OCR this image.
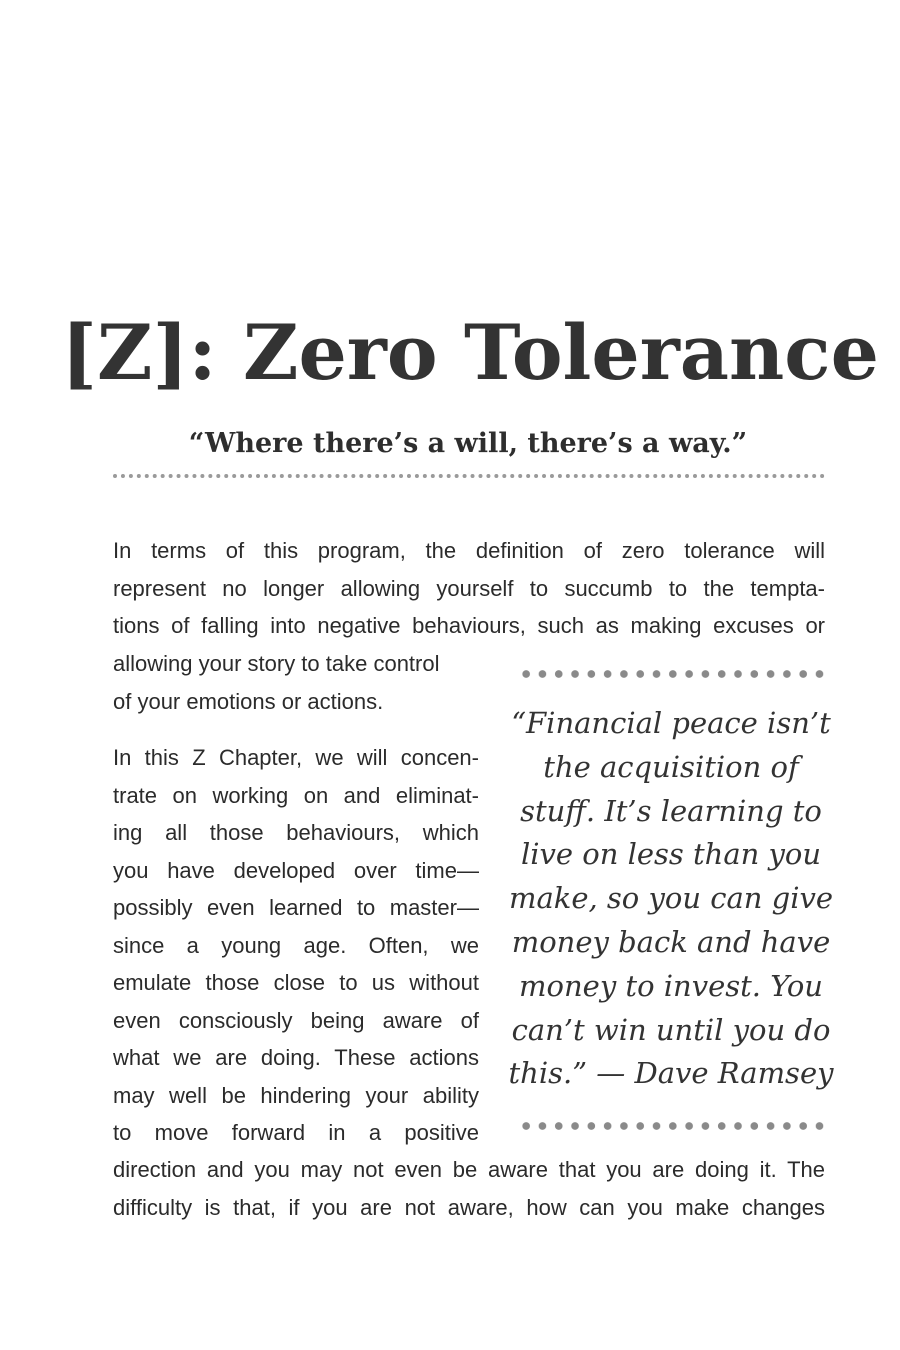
[Z]: Zero Tolerance

“Where there’s a will, there’s a way.”

In terms of this program, the definition of zero tolerance will
represent no longer allowing yourself to succumb to the tempta-
tions of falling into negative behaviours, such as making excuses or
allowing your story to take control
of your emotions or actions.
In this Z Chapter, we will concen-
trate on working on and eliminat-
ing all those behaviours, which
you have developed over time—
possibly even learned to master—
since a young age. Often, we
emulate those close to us without
even consciously being aware of
what we are doing. These actions
may well be hindering your ability
to move forward in a positive
direction and you may not even be aware that you are doing it. The
difficulty is that, if you are not aware, how can you make changes
“Financial peace isn’t
the acquisition of
stuff. It’s learning to
live on less than you
make, so you can give
money back and have
money to invest. You
can’t win until you do
this.” — Dave Ramsey
